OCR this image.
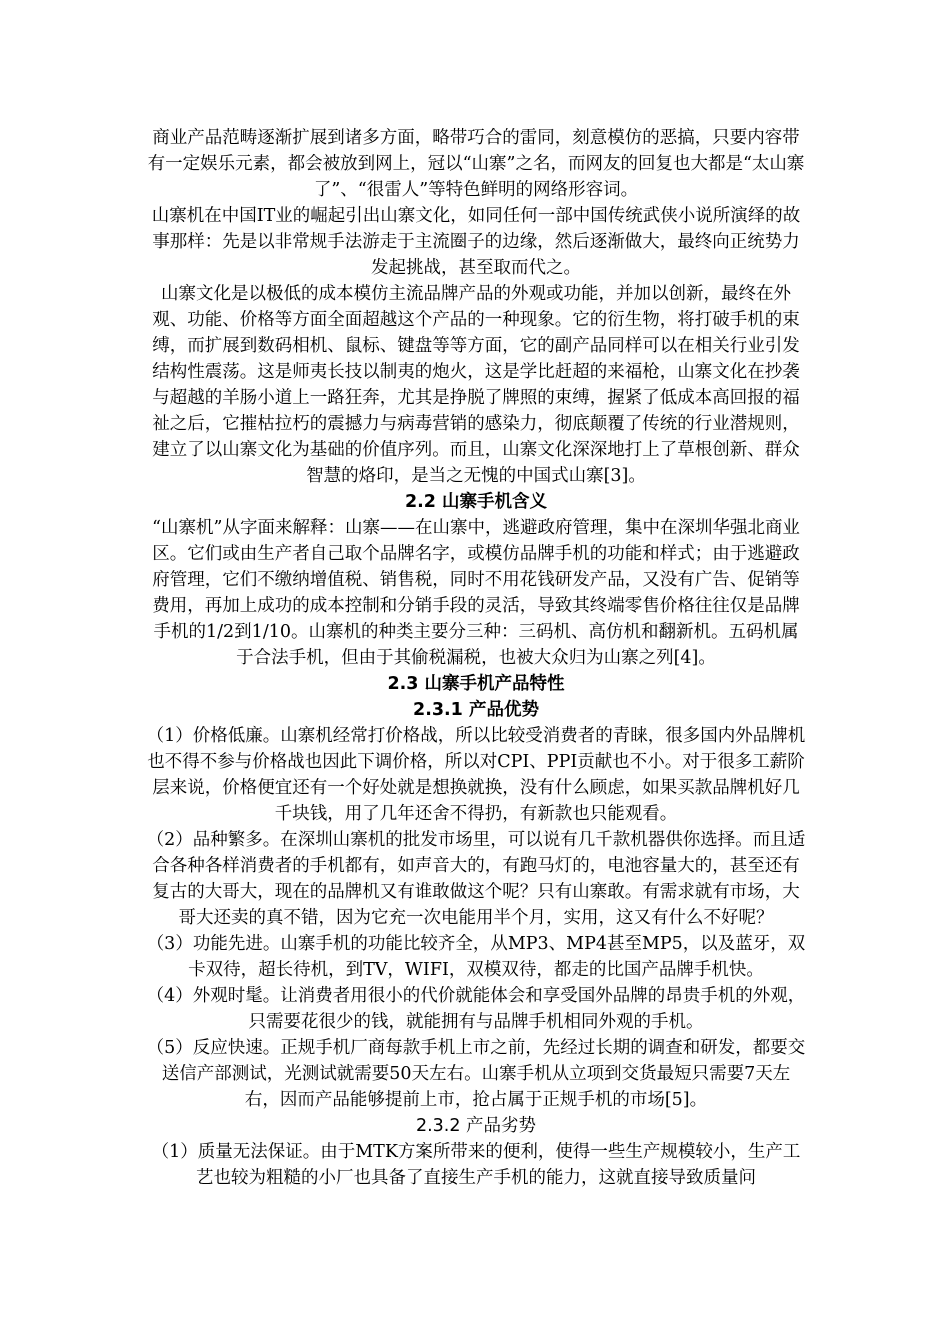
商业产品范畴逐渐扩展到诸多方面，略带巧合的雷同，刻意模仿的恶搞，只要内容带有一定娱乐元素，都会被放到网上，冠以“山寨”之名，而网友的回复也大都是“太山寨了”、“很雷人”等特色鲜明的网络形容词。

山寨机在中国IT业的崛起引出山寨文化，如同任何一部中国传统武侠小说所演绎的故事那样：先是以非常规手法游走于主流圈子的边缘，然后逐渐做大，最终向正统势力发起挑战，甚至取而代之。

山寨文化是以极低的成本模仿主流品牌产品的外观或功能，并加以创新，最终在外观、功能、价格等方面全面超越这个产品的一种现象。它的衍生物，将打破手机的束缚，而扩展到数码相机、鼠标、键盘等等方面，它的副产品同样可以在相关行业引发结构性震荡。这是师夷长技以制夷的炮火，这是学比赶超的来福枪，山寨文化在抄袭与超越的羊肠小道上一路狂奔，尤其是挣脱了牌照的束缚，握紧了低成本高回报的福祉之后，它摧枯拉朽的震撼力与病毒营销的感染力，彻底颠覆了传统的行业潜规则，建立了以山寨文化为基础的价值序列。而且，山寨文化深深地打上了草根创新、群众智慧的烙印，是当之无愧的中国式山寨[3]。

2.2 山寨手机含义

“山寨机”从字面来解释：山寨——在山寨中，逃避政府管理，集中在深圳华强北商业区。它们或由生产者自己取个品牌名字，或模仿品牌手机的功能和样式；由于逃避政府管理，它们不缴纳增值税、销售税，同时不用花钱研发产品，又没有广告、促销等费用，再加上成功的成本控制和分销手段的灵活，导致其终端零售价格往往仅是品牌手机的1/2到1/10。山寨机的种类主要分三种：三码机、高仿机和翻新机。五码机属于合法手机，但由于其偷税漏税，也被大众归为山寨之列[4]。

2.3 山寨手机产品特性

2.3.1 产品优势

（1）价格低廉。山寨机经常打价格战，所以比较受消费者的青睐，很多国内外品牌机也不得不参与价格战也因此下调价格，所以对CPI、PPI贡献也不小。对于很多工薪阶层来说，价格便宜还有一个好处就是想换就换，没有什么顾虑，如果买款品牌机好几千块钱，用了几年还舍不得扔，有新款也只能观看。

（2）品种繁多。在深圳山寨机的批发市场里，可以说有几千款机器供你选择。而且适合各种各样消费者的手机都有，如声音大的，有跑马灯的，电池容量大的，甚至还有复古的大哥大，现在的品牌机又有谁敢做这个呢？只有山寨敢。有需求就有市场，大哥大还卖的真不错，因为它充一次电能用半个月，实用，这又有什么不好呢？

（3）功能先进。山寨手机的功能比较齐全，从MP3、MP4甚至MP5，以及蓝牙，双卡双待，超长待机，到TV，WIFI，双模双待，都走的比国产品牌手机快。

（4）外观时髦。让消费者用很小的代价就能体会和享受国外品牌的昂贵手机的外观，只需要花很少的钱，就能拥有与品牌手机相同外观的手机。

（5）反应快速。正规手机厂商每款手机上市之前，先经过长期的调查和研发，都要交送信产部测试，光测试就需要50天左右。山寨手机从立项到交货最短只需要7天左右，因而产品能够提前上市，抢占属于正规手机的市场[5]。

2.3.2 产品劣势

（1）质量无法保证。由于MTK方案所带来的便利，使得一些生产规模较小，生产工艺也较为粗糙的小厂也具备了直接生产手机的能力，这就直接导致质量问
